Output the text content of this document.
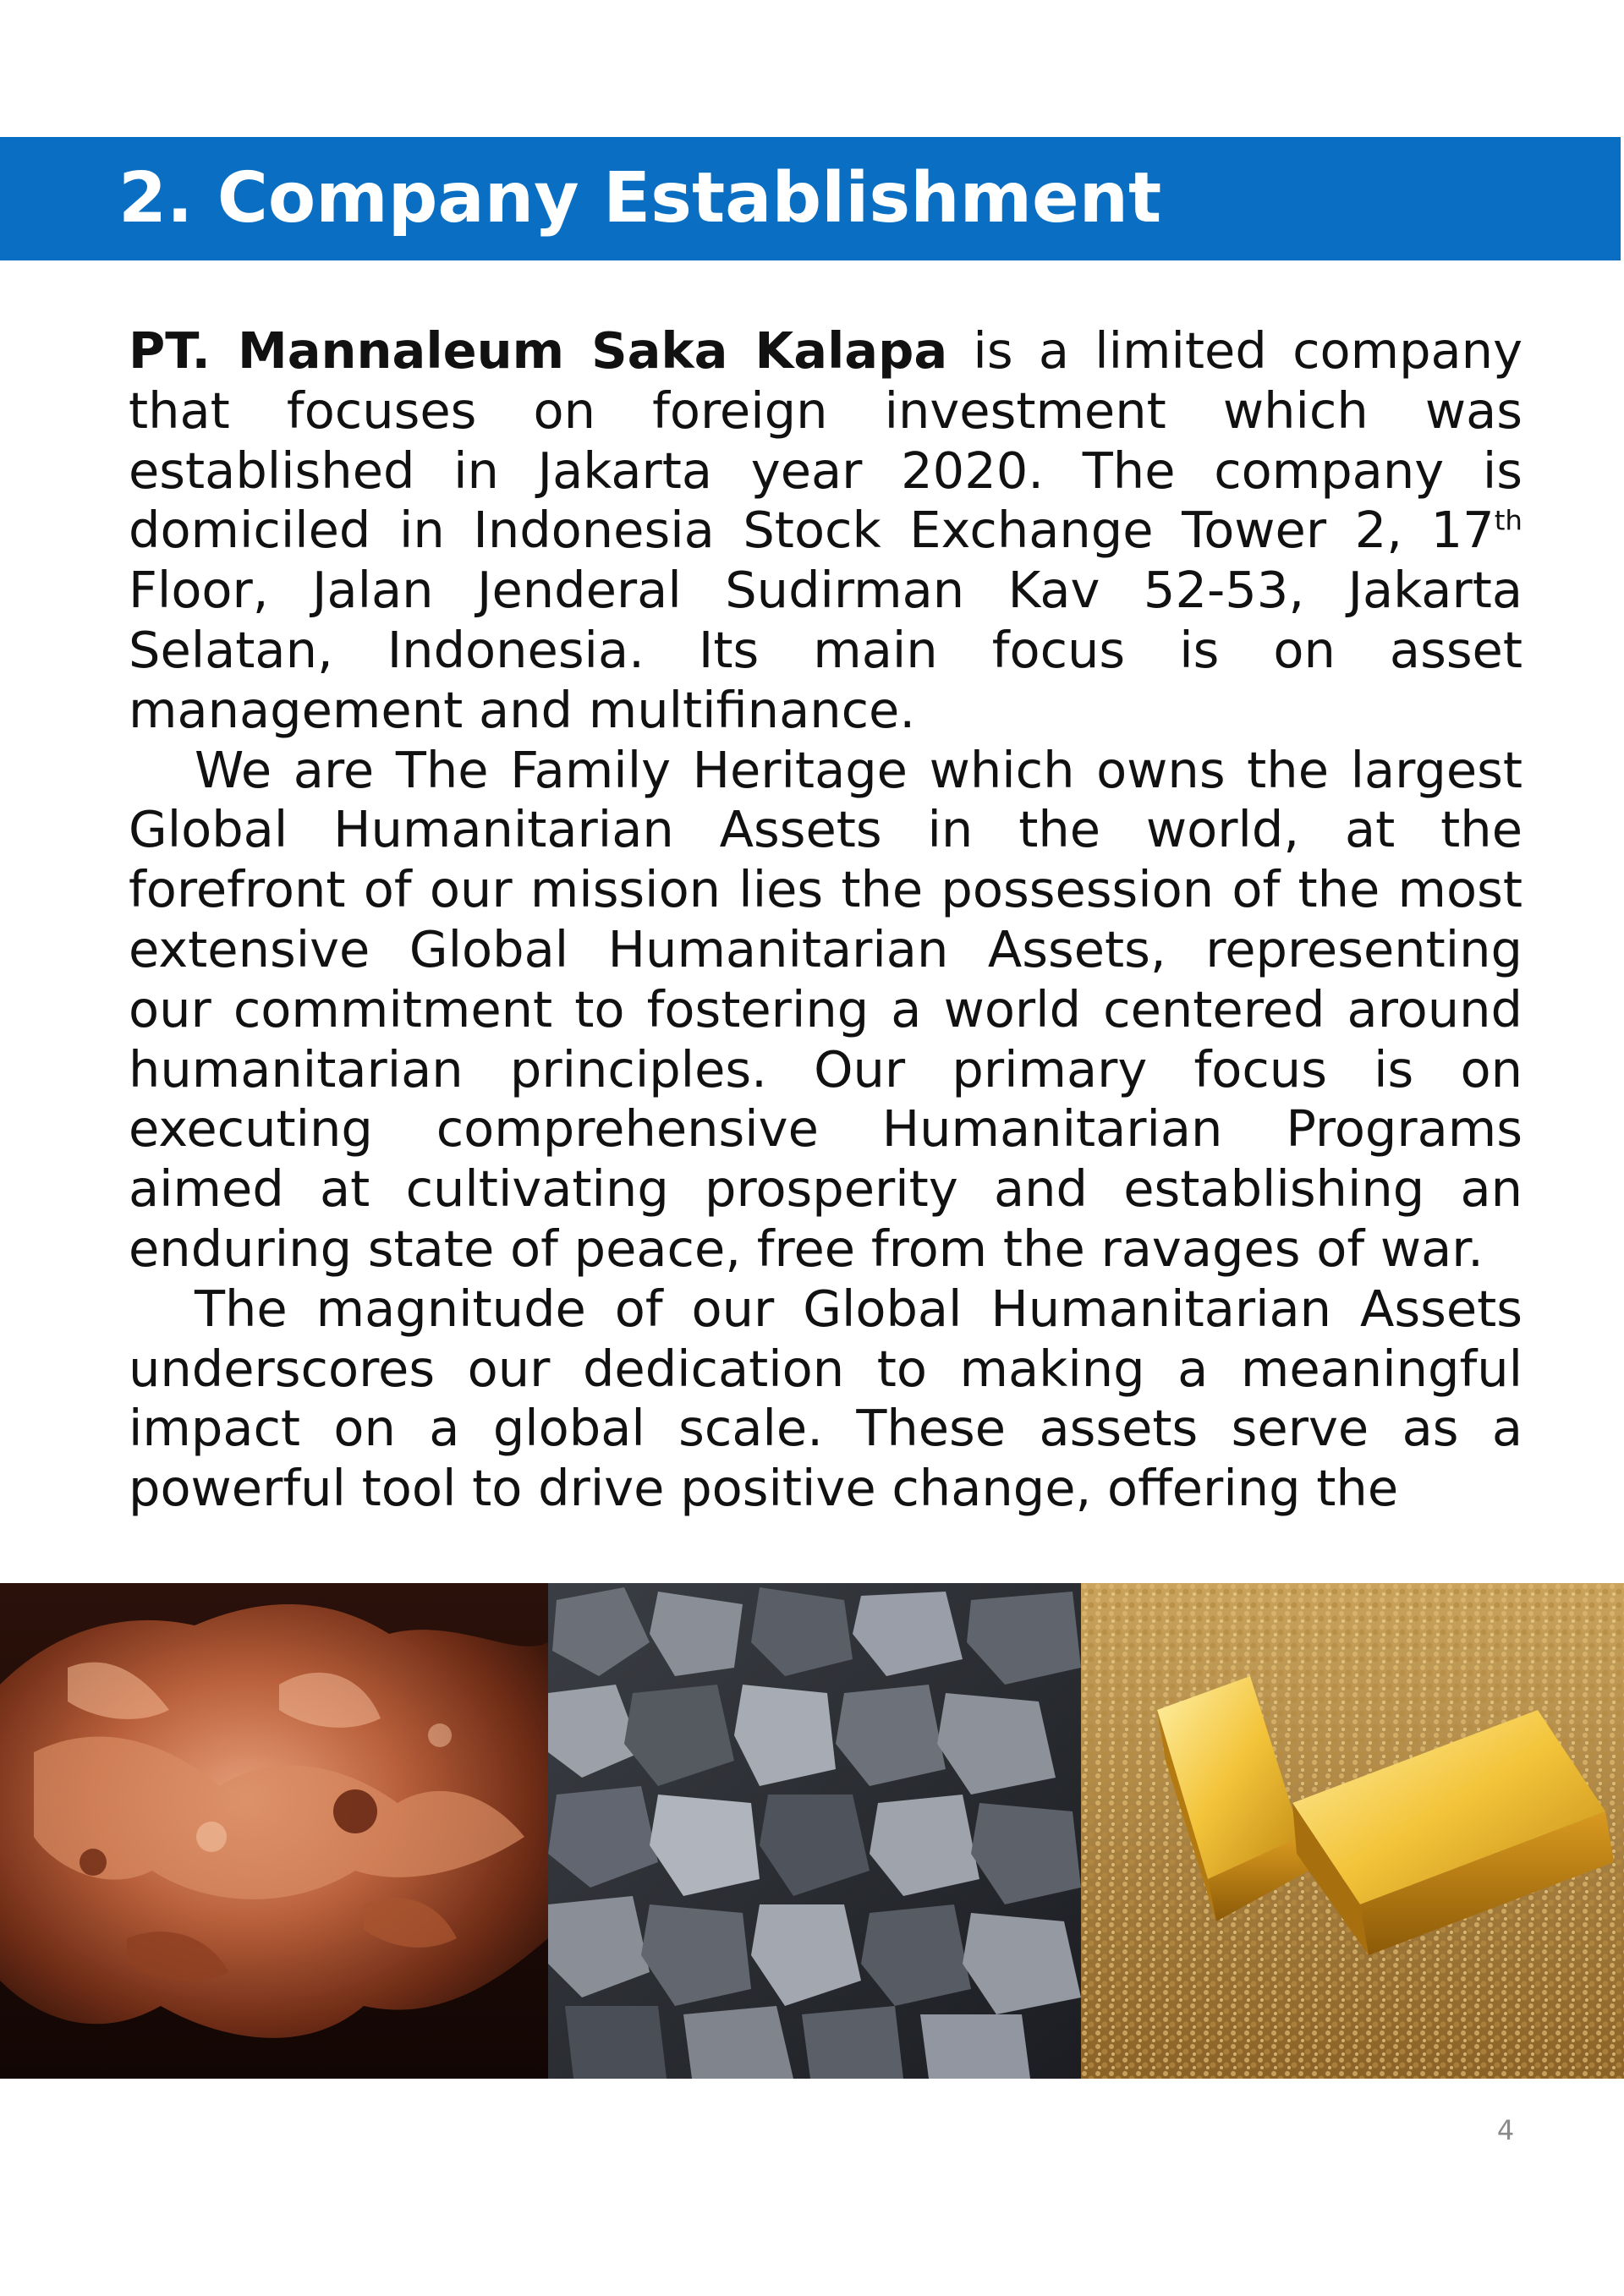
2. Company Establishment

PT. Mannaleum Saka Kalapa is a limited company that focuses on foreign investment which was established in Jakarta year 2020. The company is domiciled in Indonesia Stock Exchange Tower 2, 17th Floor, Jalan Jenderal Sudirman Kav 52-53, Jakarta Selatan, Indonesia. Its main focus is on asset management and multifinance.

We are The Family Heritage which owns the largest Global Humanitarian Assets in the world, at the forefront of our mission lies the possession of the most extensive Global Humanitarian Assets, representing our commitment to fostering a world centered around humanitarian principles. Our primary focus is on executing comprehensive Humanitarian Programs aimed at cultivating prosperity and establishing an enduring state of peace, free from the ravages of war.

The magnitude of our Global Humanitarian Assets underscores our dedication to making a meaningful impact on a global scale. These assets serve as a powerful tool to drive positive change, offering the

4
